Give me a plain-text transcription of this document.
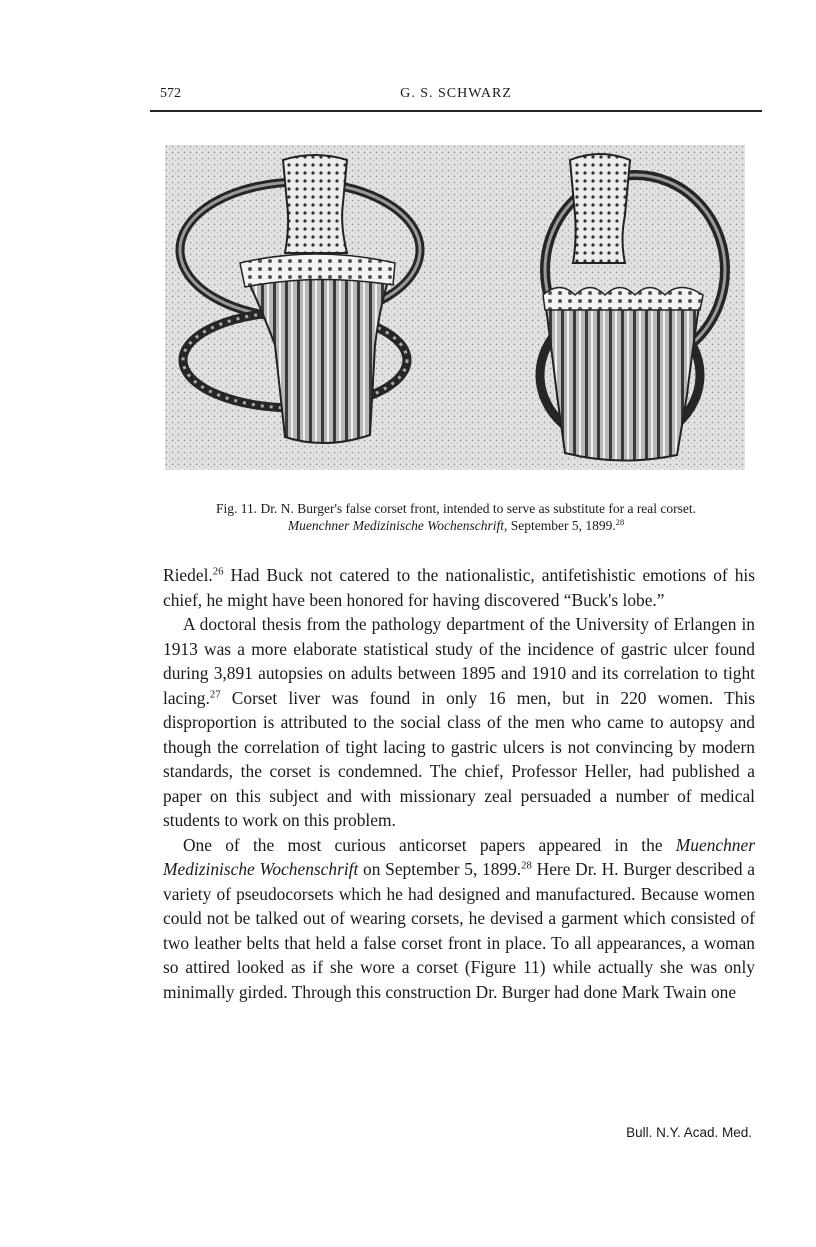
572	G. S. SCHWARZ
Fig. 11. Dr. N. Burger's false corset front, intended to serve as substitute for a real corset.
Muenchner Medizinische Wochenschrift, September 5, 1899.28

Riedel.$^{26}$ Had Buck not catered to the nationalistic, antifetishistic emotions of his chief, he might have been honored for having discovered “Buck's lobe.”

A doctoral thesis from the pathology department of the University of Erlangen in 1913 was a more elaborate statistical study of the incidence of gastric ulcer found during 3,891 autopsies on adults between 1895 and 1910 and its correlation to tight lacing.$^{27}$ Corset liver was found in only 16 men, but in 220 women. This disproportion is attributed to the social class of the men who came to autopsy and though the correlation of tight lacing to gastric ulcers is not convincing by modern standards, the corset is condemned. The chief, Professor Heller, had published a paper on this subject and with missionary zeal persuaded a number of medical students to work on this problem.

One of the most curious anticorset papers appeared in the Muenchner Medizinische Wochenschrift on September 5, 1899.28 Here Dr. H. Burger described a variety of pseudocorsets which he had designed and manufactured. Because women could not be talked out of wearing corsets, he devised a garment which consisted of two leather belts that held a false corset front in place. To all appearances, a woman so attired looked as if she wore a corset (Figure 11) while actually she was only minimally girded. Through this construction Dr. Burger had done Mark Twain one

Bull. N.Y. Acad. Med.
